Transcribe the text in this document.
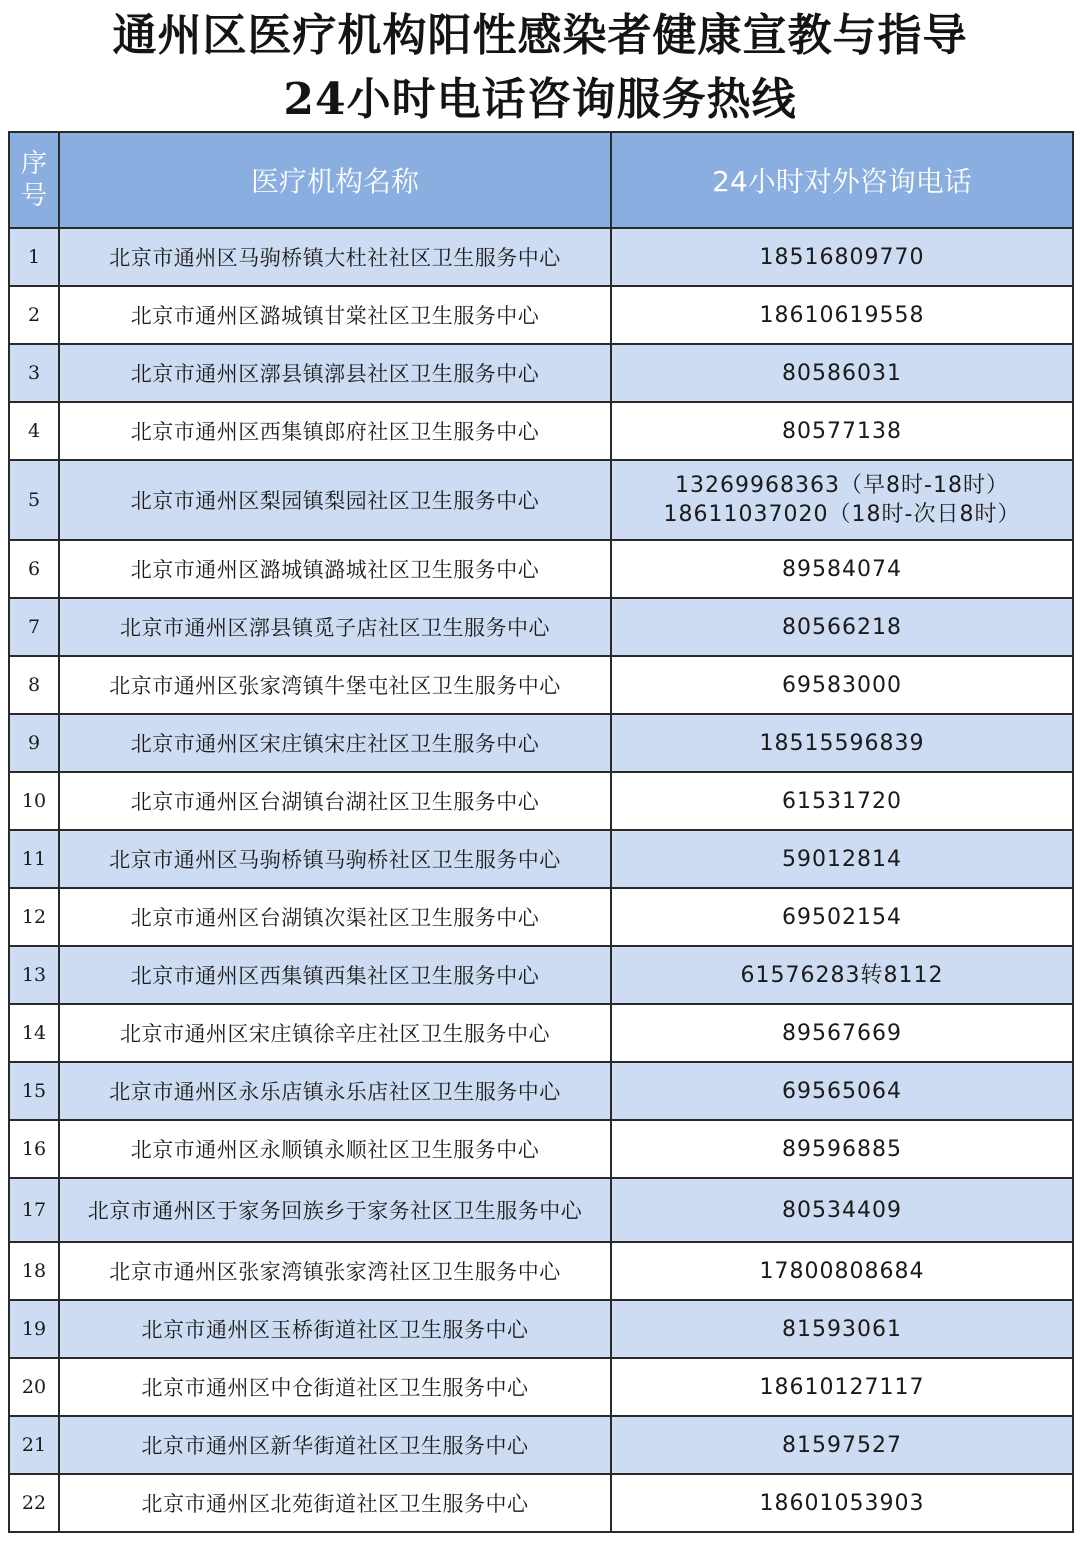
通州区医疗机构阳性感染者健康宣教与指导
24小时电话咨询服务热线
序号	医疗机构名称	24小时对外咨询电话
1	北京市通州区马驹桥镇大杜社社区卫生服务中心	18516809770

2	北京市通州区潞城镇甘棠社区卫生服务中心	18610619558

3	北京市通州区漷县镇漷县社区卫生服务中心	80586031

4	北京市通州区西集镇郎府社区卫生服务中心	80577138

5	北京市通州区梨园镇梨园社区卫生服务中心	13269968363（早8时-18时）
18611037020（18时-次日8时）

6	北京市通州区潞城镇潞城社区卫生服务中心	89584074

7	北京市通州区漷县镇觅子店社区卫生服务中心	80566218

8	北京市通州区张家湾镇牛堡屯社区卫生服务中心	69583000

9	北京市通州区宋庄镇宋庄社区卫生服务中心	18515596839

10	北京市通州区台湖镇台湖社区卫生服务中心	61531720

11	北京市通州区马驹桥镇马驹桥社区卫生服务中心	59012814

12	北京市通州区台湖镇次渠社区卫生服务中心	69502154

13	北京市通州区西集镇西集社区卫生服务中心	61576283转8112

14	北京市通州区宋庄镇徐辛庄社区卫生服务中心	89567669

15	北京市通州区永乐店镇永乐店社区卫生服务中心	69565064

16	北京市通州区永顺镇永顺社区卫生服务中心	89596885

17	北京市通州区于家务回族乡于家务社区卫生服务中心	80534409

18	北京市通州区张家湾镇张家湾社区卫生服务中心	17800808684

19	北京市通州区玉桥街道社区卫生服务中心	81593061

20	北京市通州区中仓街道社区卫生服务中心	18610127117

21	北京市通州区新华街道社区卫生服务中心	81597527

22	北京市通州区北苑街道社区卫生服务中心	18601053903
